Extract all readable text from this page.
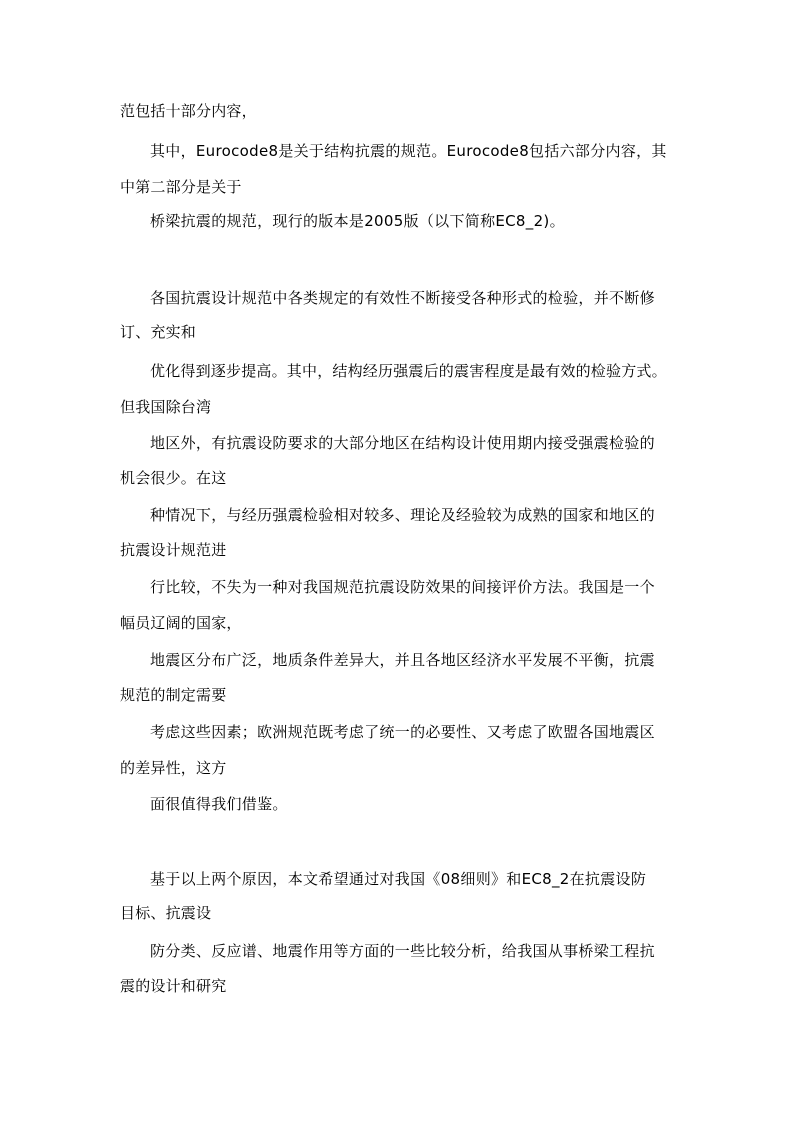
范包括十部分内容，

其中，Eurocode8是关于结构抗震的规范。Eurocode8包括六部分内容，其

中第二部分是关于

桥梁抗震的规范，现行的版本是2005版（以下简称EC8_2)。

各国抗震设计规范中各类规定的有效性不断接受各种形式的检验，并不断修

订、充实和

优化得到逐步提高。其中，结构经历强震后的震害程度是最有效的检验方式。

但我国除台湾

地区外，有抗震设防要求的大部分地区在结构设计使用期内接受强震检验的

机会很少。在这

种情况下，与经历强震检验相对较多、理论及经验较为成熟的国家和地区的

抗震设计规范进

行比较，不失为一种对我国规范抗震设防效果的间接评价方法。我国是一个

幅员辽阔的国家，

地震区分布广泛，地质条件差异大，并且各地区经济水平发展不平衡，抗震

规范的制定需要

考虑这些因素；欧洲规范既考虑了统一的必要性、又考虑了欧盟各国地震区

的差异性，这方

面很值得我们借鉴。

基于以上两个原因，本文希望通过对我国《08细则》和EC8_2在抗震设防

目标、抗震设

防分类、反应谱、地震作用等方面的一些比较分析，给我国从事桥梁工程抗

震的设计和研究
